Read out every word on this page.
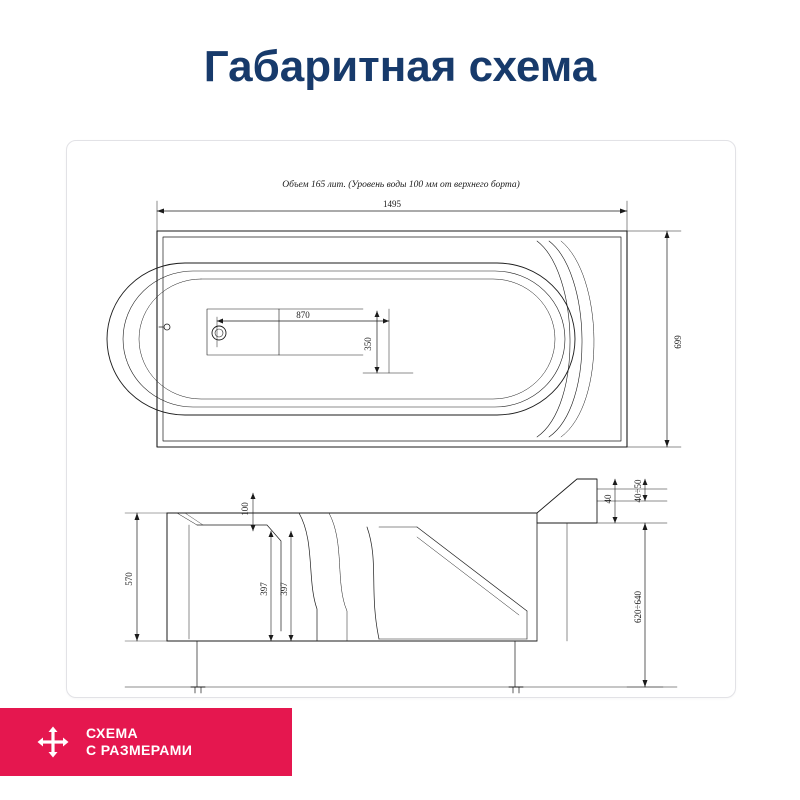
Габаритная схема
Объем 165 лит. (Уровень воды 100 мм от верхнего борта)
1495
699
870
350
100
397 397
570
620÷640
40 40÷50
СХЕМА
С РАЗМЕРАМИ
